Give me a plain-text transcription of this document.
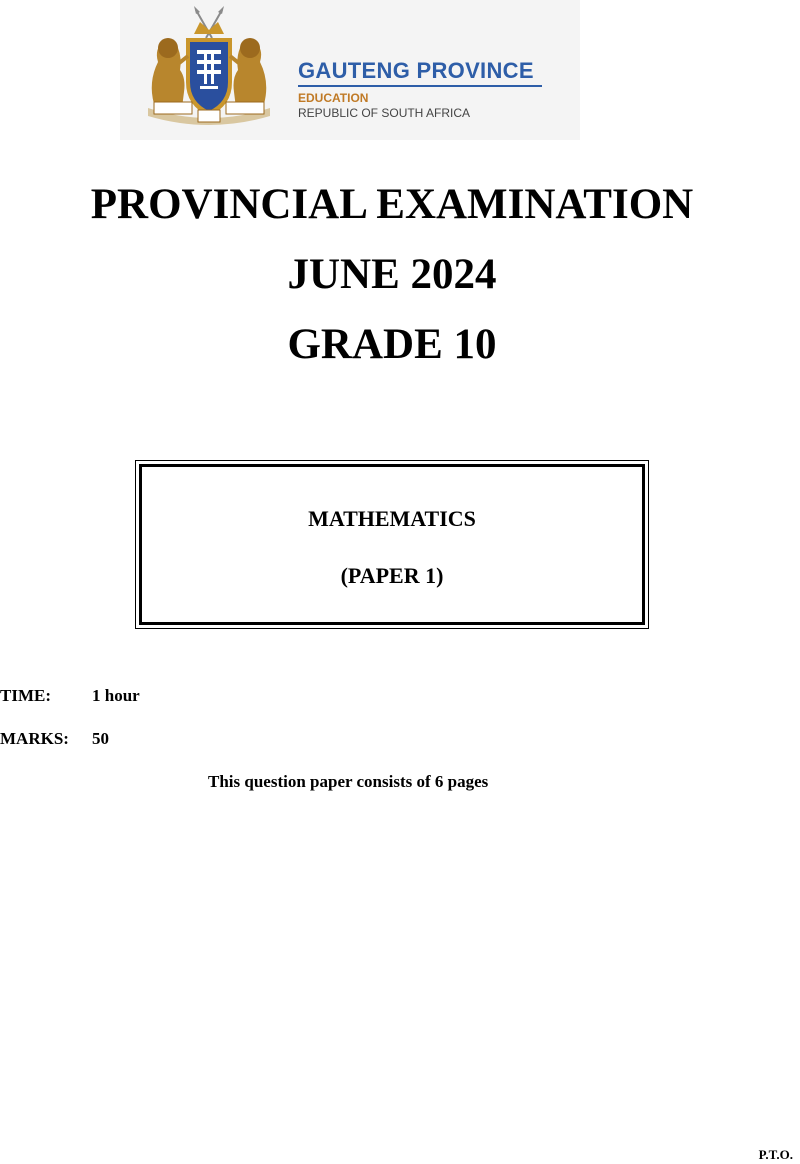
GAUTENG PROVINCE
EDUCATION
REPUBLIC OF SOUTH AFRICA
PROVINCIAL EXAMINATION
JUNE 2024
GRADE 10
MATHEMATICS
(PAPER 1)
TIME: 1 hour
MARKS: 50
This question paper consists of 6 pages
P.T.O.
